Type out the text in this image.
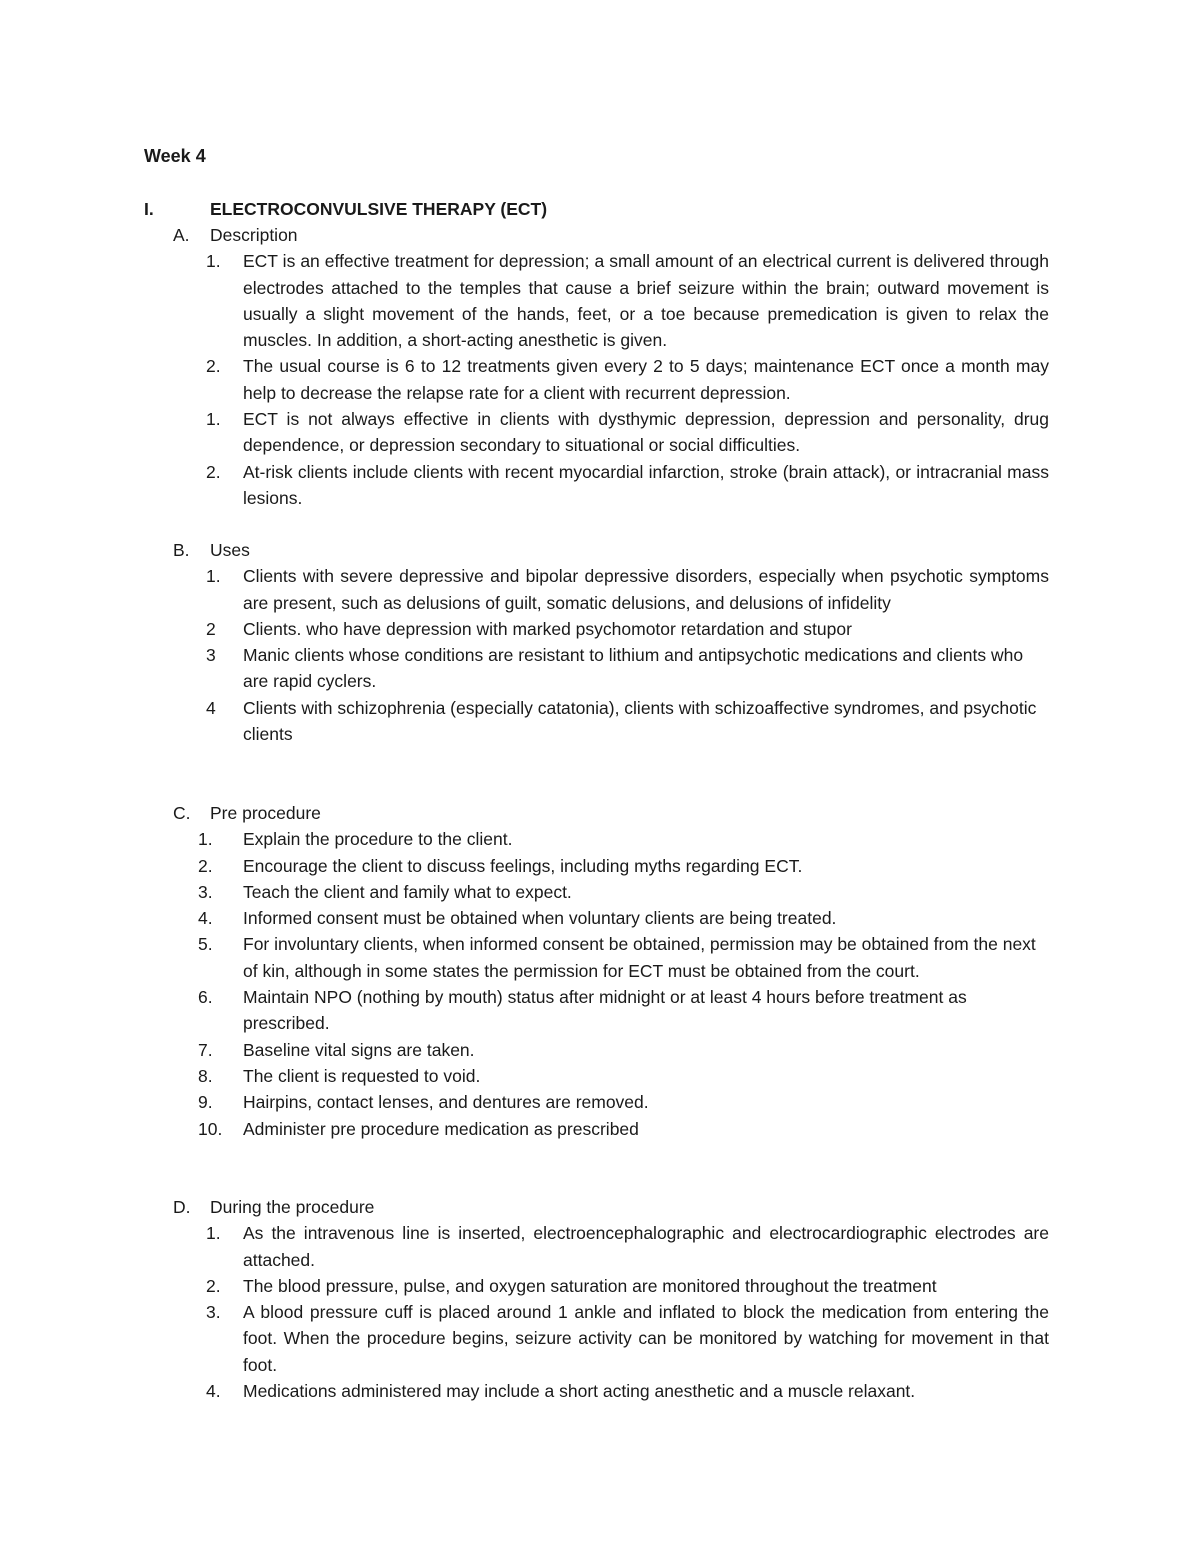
Week 4
I.	ELECTROCONVULSIVE THERAPY (ECT)
A. Description
1. ECT is an effective treatment for depression; a small amount of an electrical current is delivered through electrodes attached to the temples that cause a brief seizure within the brain; outward movement is usually a slight movement of the hands, feet, or a toe because premedication is given to relax the muscles. In addition, a short-acting anesthetic is given.
2. The usual course is 6 to 12 treatments given every 2 to 5 days; maintenance ECT once a month may help to decrease the relapse rate for a client with recurrent depression.
1. ECT is not always effective in clients with dysthymic depression, depression and personality, drug dependence, or depression secondary to situational or social difficulties.
2. At-risk clients include clients with recent myocardial infarction, stroke (brain attack), or intracranial mass lesions.
B. Uses
1. Clients with severe depressive and bipolar depressive disorders, especially when psychotic symptoms are present, such as delusions of guilt, somatic delusions, and delusions of infidelity
2 Clients. who have depression with marked psychomotor retardation and stupor
3 Manic clients whose conditions are resistant to lithium and antipsychotic medications and clients who are rapid cyclers.
4 Clients with schizophrenia (especially catatonia), clients with schizoaffective syndromes, and psychotic clients
C. Pre procedure
1. Explain the procedure to the client.
2. Encourage the client to discuss feelings, including myths regarding ECT.
3. Teach the client and family what to expect.
4. Informed consent must be obtained when voluntary clients are being treated.
5. For involuntary clients, when informed consent be obtained, permission may be obtained from the next of kin, although in some states the permission for ECT must be obtained from the court.
6. Maintain NPO (nothing by mouth) status after midnight or at least 4 hours before treatment as prescribed.
7. Baseline vital signs are taken.
8. The client is requested to void.
9. Hairpins, contact lenses, and dentures are removed.
10. Administer pre procedure medication as prescribed
D. During the procedure
1. As the intravenous line is inserted, electroencephalographic and electrocardiographic electrodes are attached.
2. The blood pressure, pulse, and oxygen saturation are monitored throughout the treatment
3. A blood pressure cuff is placed around 1 ankle and inflated to block the medication from entering the foot. When the procedure begins, seizure activity can be monitored by watching for movement in that foot.
4. Medications administered may include a short acting anesthetic and a muscle relaxant.
